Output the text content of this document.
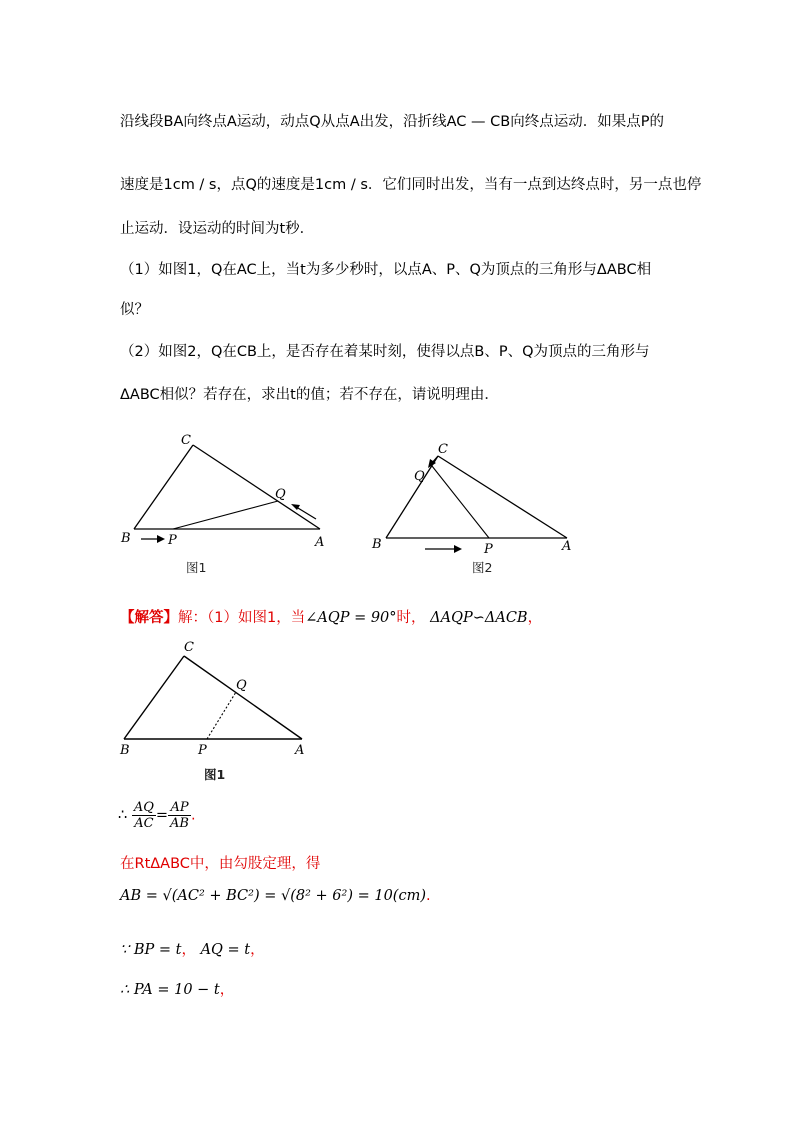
沿线段BA向终点A运动，动点Q从点A出发，沿折线AC — CB向终点运动．如果点P的
速度是1cm / s，点Q的速度是1cm / s．它们同时出发，当有一点到达终点时，另一点也停
止运动．设运动的时间为t秒．
（1）如图1，Q在AC上，当t为多少秒时，以点A、P、Q为顶点的三角形与ΔABC相
似？
（2）如图2，Q在CB上，是否存在着某时刻，使得以点B、P、Q为顶点的三角形与
ΔABC相似？若存在，求出t的值；若不存在，请说明理由．
C
Q
B	P	A
图1
C
Q
B	P	A
图2
【解答】解：（1）如图1，当∠AQP = 90°时， ΔAQP∽ΔACB，
C
Q
B	P	A
图1
∴ $\frac{AQ}{AC} = \frac{AP}{AB}$ .
在RtΔABC中，由勾股定理，得
AB = √(AC² + BC²) = √(8² + 6²) = 10(cm).
∵ BP = t， AQ = t，
∴ PA = 10 − t，
